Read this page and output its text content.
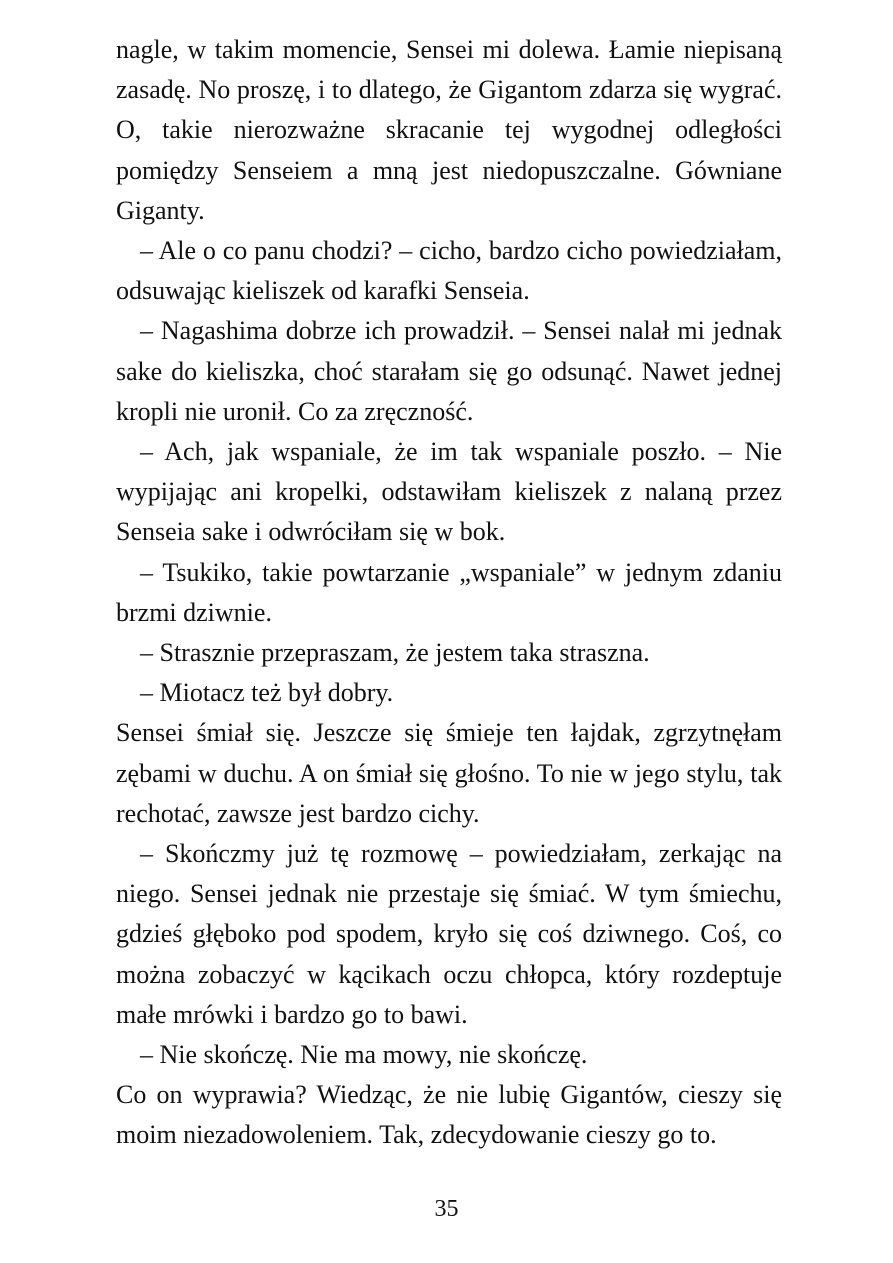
nagle, w takim momencie, Sensei mi dolewa. Łamie niepisaną zasadę. No proszę, i to dlatego, że Gigantom zdarza się wygrać. O, takie nierozważne skracanie tej wygodnej odległości pomiędzy Senseiem a mną jest niedopuszczalne. Gówniane Giganty.

– Ale o co panu chodzi? – cicho, bardzo cicho powiedziałam, odsuwając kieliszek od karafki Senseia.

– Nagashima dobrze ich prowadził. – Sensei nalał mi jednak sake do kieliszka, choć starałam się go odsunąć. Nawet jednej kropli nie uronił. Co za zręczność.

– Ach, jak wspaniale, że im tak wspaniale poszło. – Nie wypijając ani kropelki, odstawiłam kieliszek z nalaną przez Senseia sake i odwróciłam się w bok.

– Tsukiko, takie powtarzanie „wspaniale” w jednym zdaniu brzmi dziwnie.

– Strasznie przepraszam, że jestem taka straszna.

– Miotacz też był dobry.

Sensei śmiał się. Jeszcze się śmieje ten łajdak, zgrzytnęłam zębami w duchu. A on śmiał się głośno. To nie w jego stylu, tak rechotać, zawsze jest bardzo cichy.

– Skończmy już tę rozmowę – powiedziałam, zerkając na niego. Sensei jednak nie przestaje się śmiać. W tym śmiechu, gdzieś głęboko pod spodem, kryło się coś dziwnego. Coś, co można zobaczyć w kącikach oczu chłopca, który rozdeptuje małe mrówki i bardzo go to bawi.

– Nie skończę. Nie ma mowy, nie skończę.

Co on wyprawia? Wiedząc, że nie lubię Gigantów, cieszy się moim niezadowoleniem. Tak, zdecydowanie cieszy go to.

35
